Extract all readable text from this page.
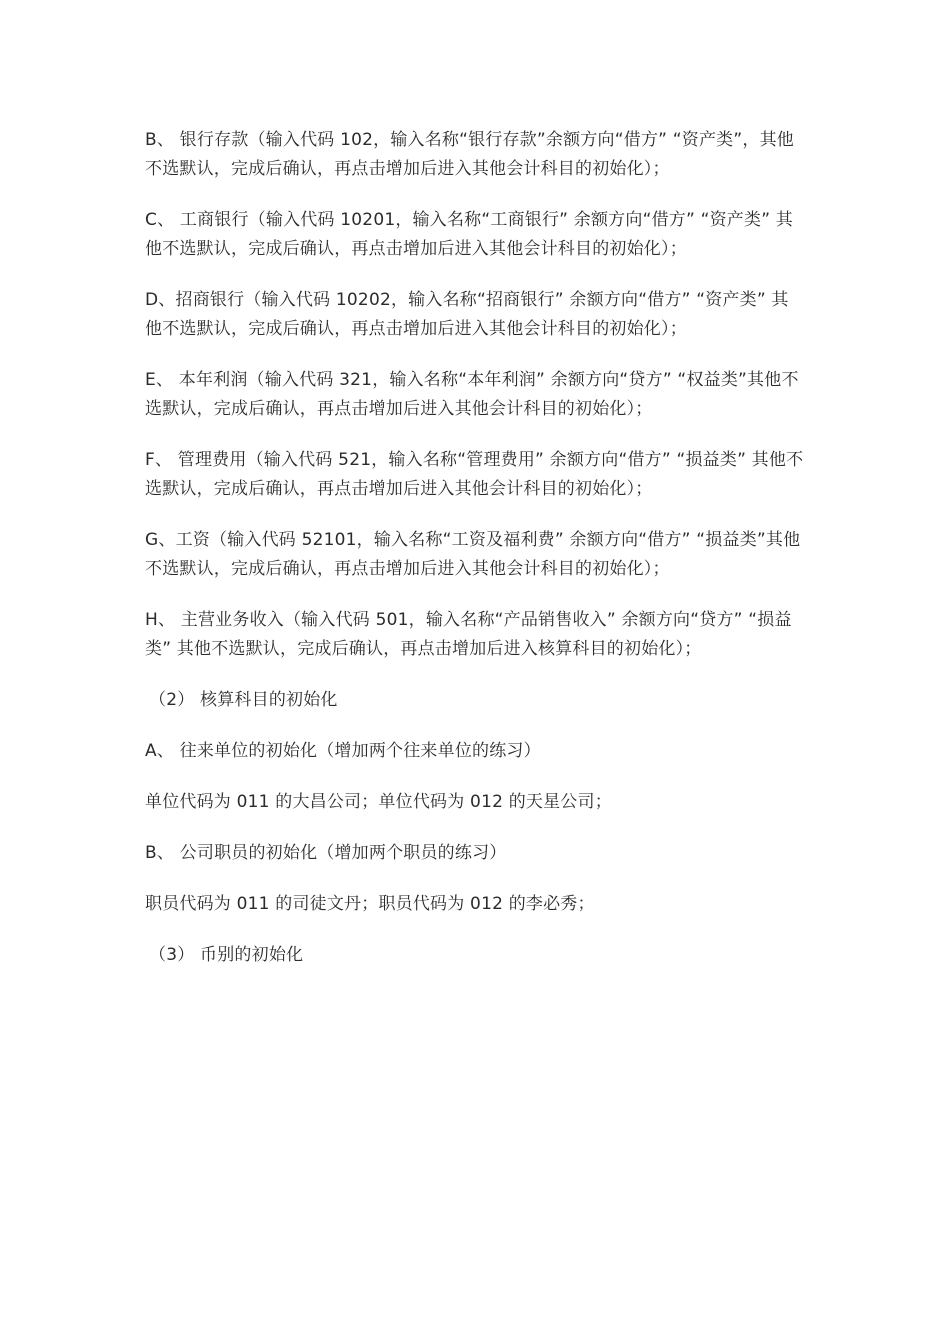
B、 银行存款（输入代码 102，输入名称“银行存款”余额方向“借方” “资产类”，其他不选默认，完成后确认，再点击增加后进入其他会计科目的初始化）；

C、 工商银行（输入代码 10201，输入名称“工商银行” 余额方向“借方” “资产类” 其他不选默认，完成后确认，再点击增加后进入其他会计科目的初始化）；

D、招商银行（输入代码 10202，输入名称“招商银行” 余额方向“借方” “资产类” 其他不选默认，完成后确认，再点击增加后进入其他会计科目的初始化）；

E、 本年利润（输入代码 321，输入名称“本年利润” 余额方向“贷方” “权益类”其他不选默认，完成后确认，再点击增加后进入其他会计科目的初始化）；

F、 管理费用（输入代码 521，输入名称“管理费用” 余额方向“借方” “损益类” 其他不选默认，完成后确认，再点击增加后进入其他会计科目的初始化）；

G、工资（输入代码 52101，输入名称“工资及福利费” 余额方向“借方” “损益类”其他不选默认，完成后确认，再点击增加后进入其他会计科目的初始化）；

H、 主营业务收入（输入代码 501，输入名称“产品销售收入” 余额方向“贷方” “损益类” 其他不选默认，完成后确认，再点击增加后进入核算科目的初始化）；

（2） 核算科目的初始化

A、 往来单位的初始化（增加两个往来单位的练习）

单位代码为 011 的大昌公司；单位代码为 012 的天星公司；

B、 公司职员的初始化（增加两个职员的练习）

职员代码为 011 的司徒文丹；职员代码为 012 的李必秀；

（3） 币别的初始化
